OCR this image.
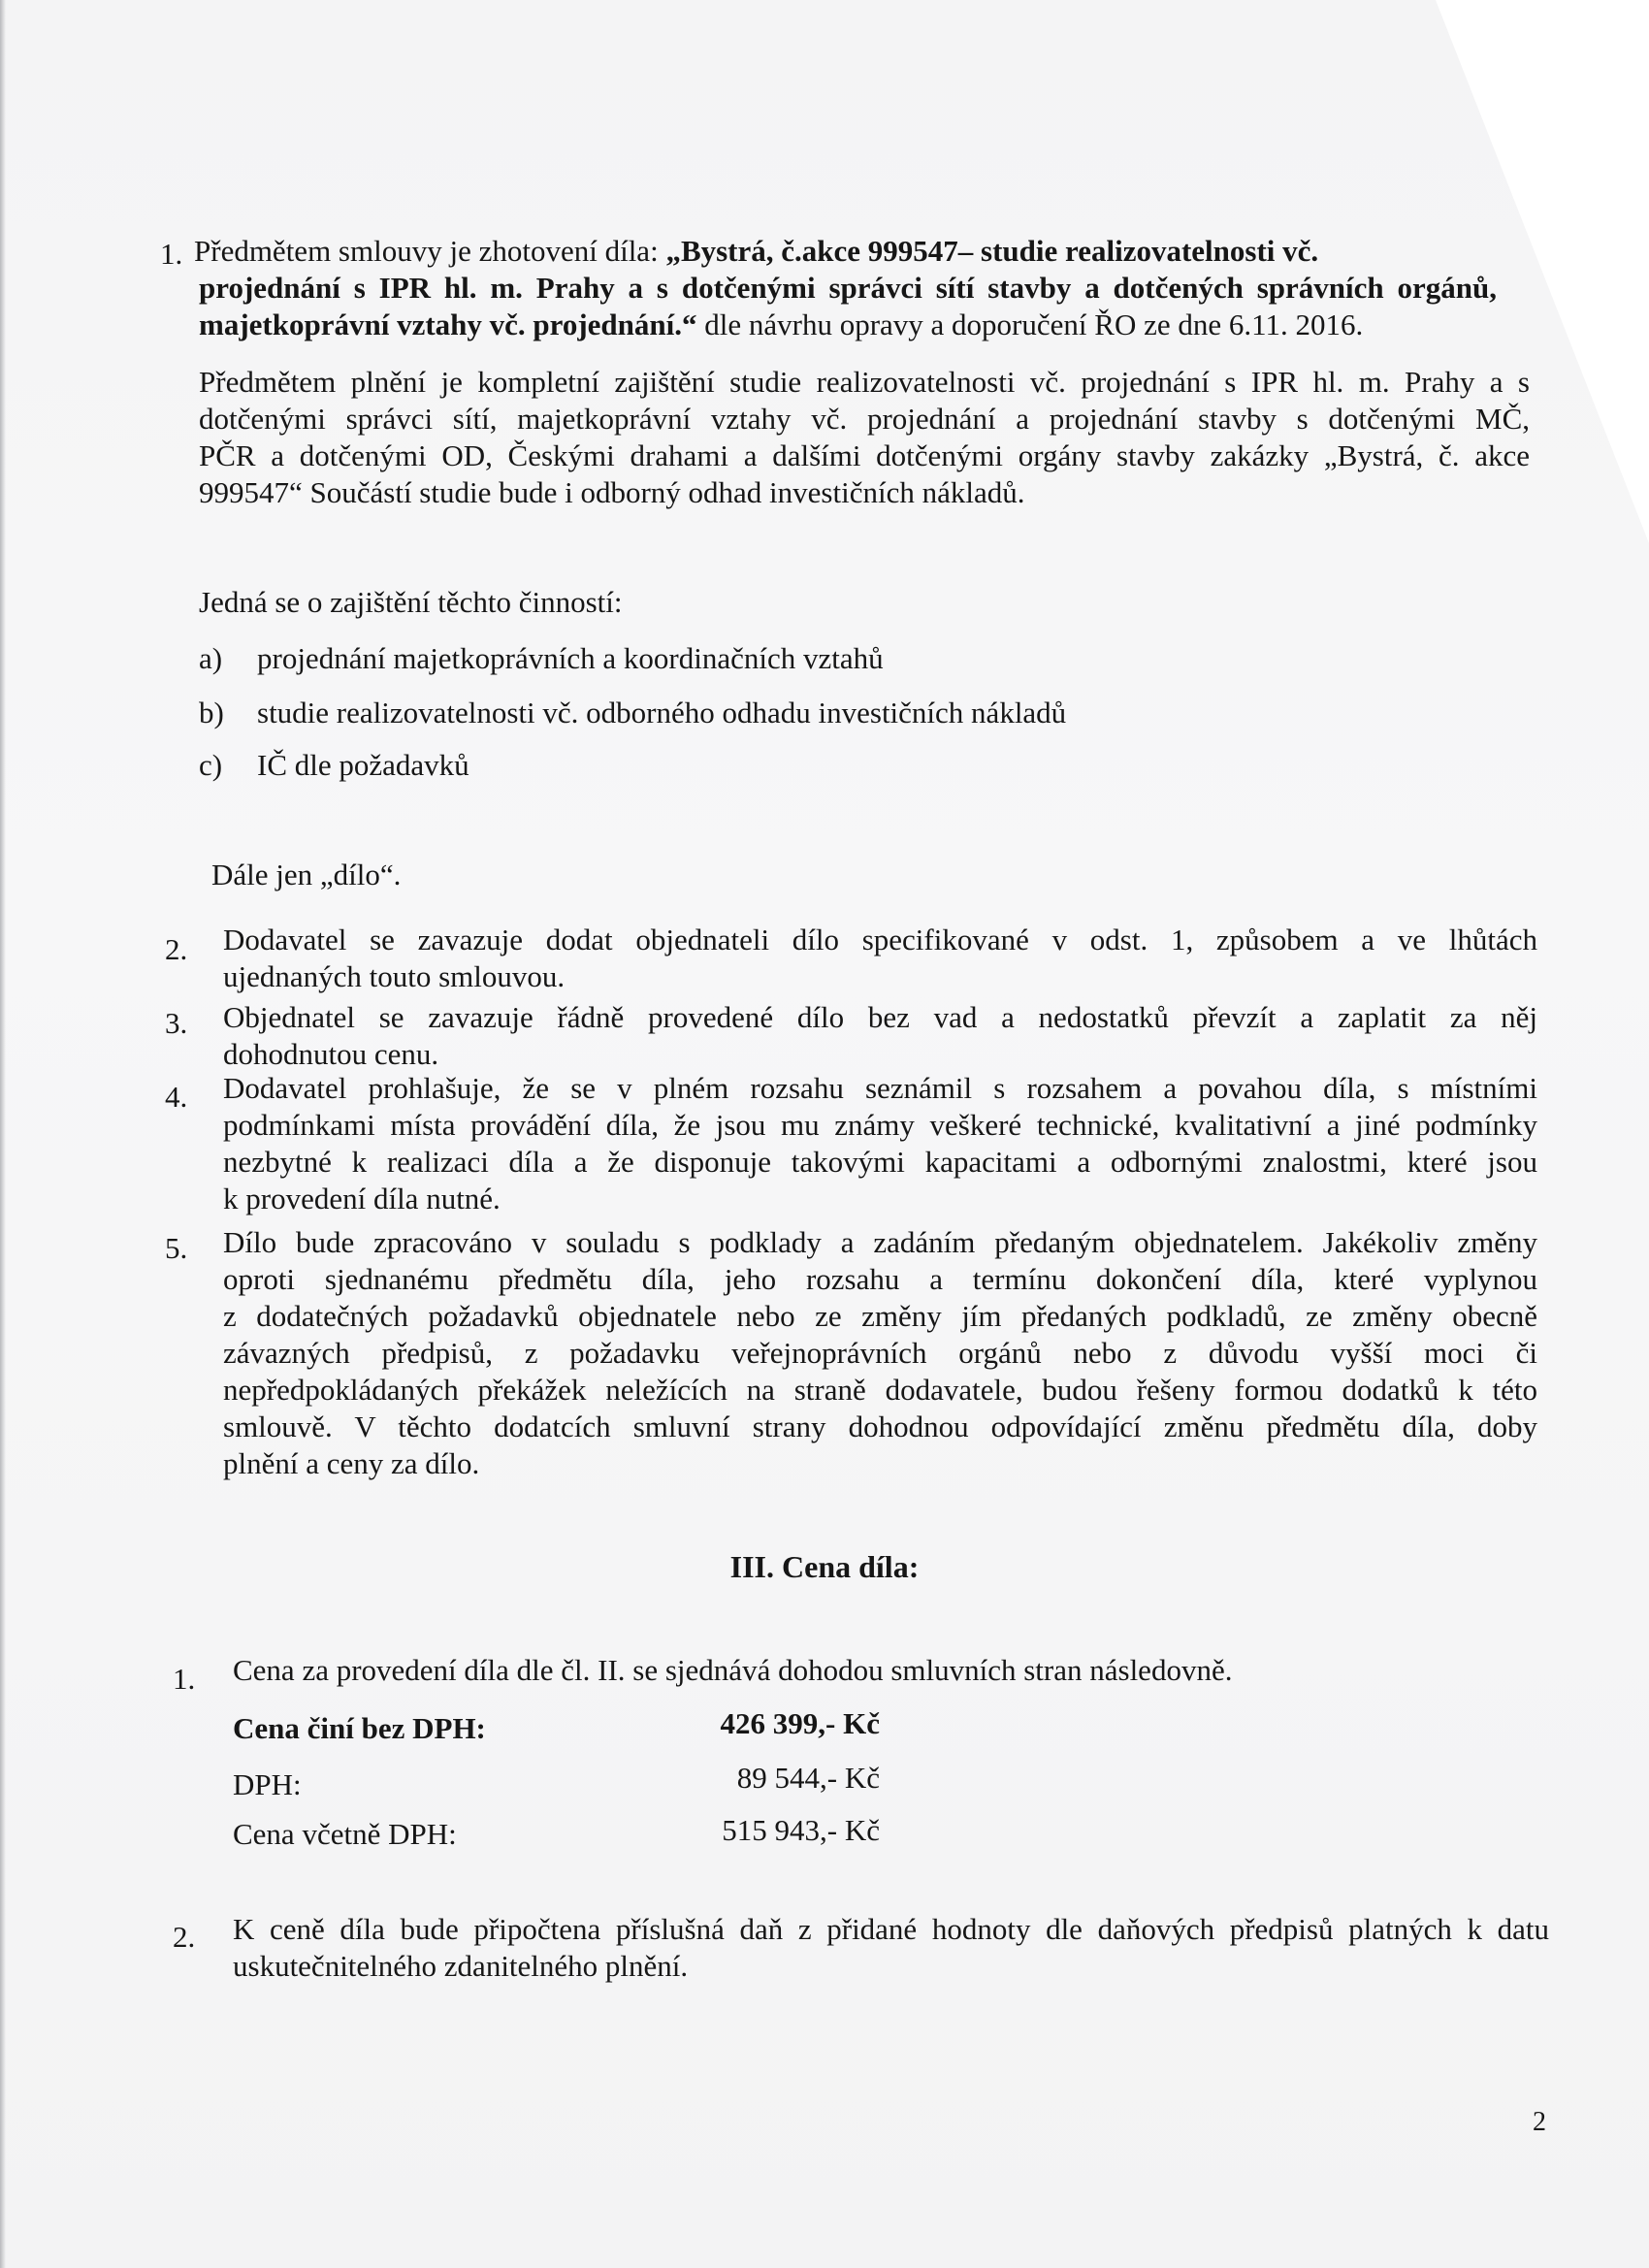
1. Předmětem smlouvy je zhotovení díla: „Bystrá, č.akce 999547– studie realizovatelnosti vč.
projednání s IPR hl. m. Prahy a s dotčenými správci sítí stavby a dotčených správních orgánů,
majetkoprávní vztahy vč. projednání.“ dle návrhu opravy a doporučení ŘO ze dne 6.11. 2016.
Předmětem plnění je kompletní zajištění studie realizovatelnosti vč. projednání s IPR hl. m. Prahy a s
dotčenými správci sítí, majetkoprávní vztahy vč. projednání a projednání stavby s dotčenými MČ,
PČR a dotčenými OD, Českými drahami a dalšími dotčenými orgány stavby zakázky „Bystrá, č. akce
999547“ Součástí studie bude i odborný odhad investičních nákladů.
Jedná se o zajištění těchto činností:
a) projednání majetkoprávních a koordinačních vztahů
b) studie realizovatelnosti vč. odborného odhadu investičních nákladů
c) IČ dle požadavků
Dále jen „dílo“.
2. Dodavatel se zavazuje dodat objednateli dílo specifikované v odst. 1, způsobem a ve lhůtách
ujednaných touto smlouvou.
3. Objednatel se zavazuje řádně provedené dílo bez vad a nedostatků převzít a zaplatit za něj
dohodnutou cenu.
4. Dodavatel prohlašuje, že se v plném rozsahu seznámil s rozsahem a povahou díla, s místními
podmínkami místa provádění díla, že jsou mu známy veškeré technické, kvalitativní a jiné podmínky
nezbytné k realizaci díla a že disponuje takovými kapacitami a odbornými znalostmi, které jsou
k provedení díla nutné.
5. Dílo bude zpracováno v souladu s podklady a zadáním předaným objednatelem. Jakékoliv změny
oproti sjednanému předmětu díla, jeho rozsahu a termínu dokončení díla, které vyplynou
z dodatečných požadavků objednatele nebo ze změny jím předaných podkladů, ze změny obecně
závazných předpisů, z požadavku veřejnoprávních orgánů nebo z důvodu vyšší moci či
nepředpokládaných překážek neležících na straně dodavatele, budou řešeny formou dodatků k této
smlouvě. V těchto dodatcích smluvní strany dohodnou odpovídající změnu předmětu díla, doby
plnění a ceny za dílo.
III. Cena díla:
1. Cena za provedení díla dle čl. II. se sjednává dohodou smluvních stran následovně.
Cena činí bez DPH:	426 399,- Kč
DPH:	89 544,- Kč
Cena včetně DPH:	515 943,- Kč
2. K ceně díla bude připočtena příslušná daň z přidané hodnoty dle daňových předpisů platných k datu
uskutečnitelného zdanitelného plnění.
2
